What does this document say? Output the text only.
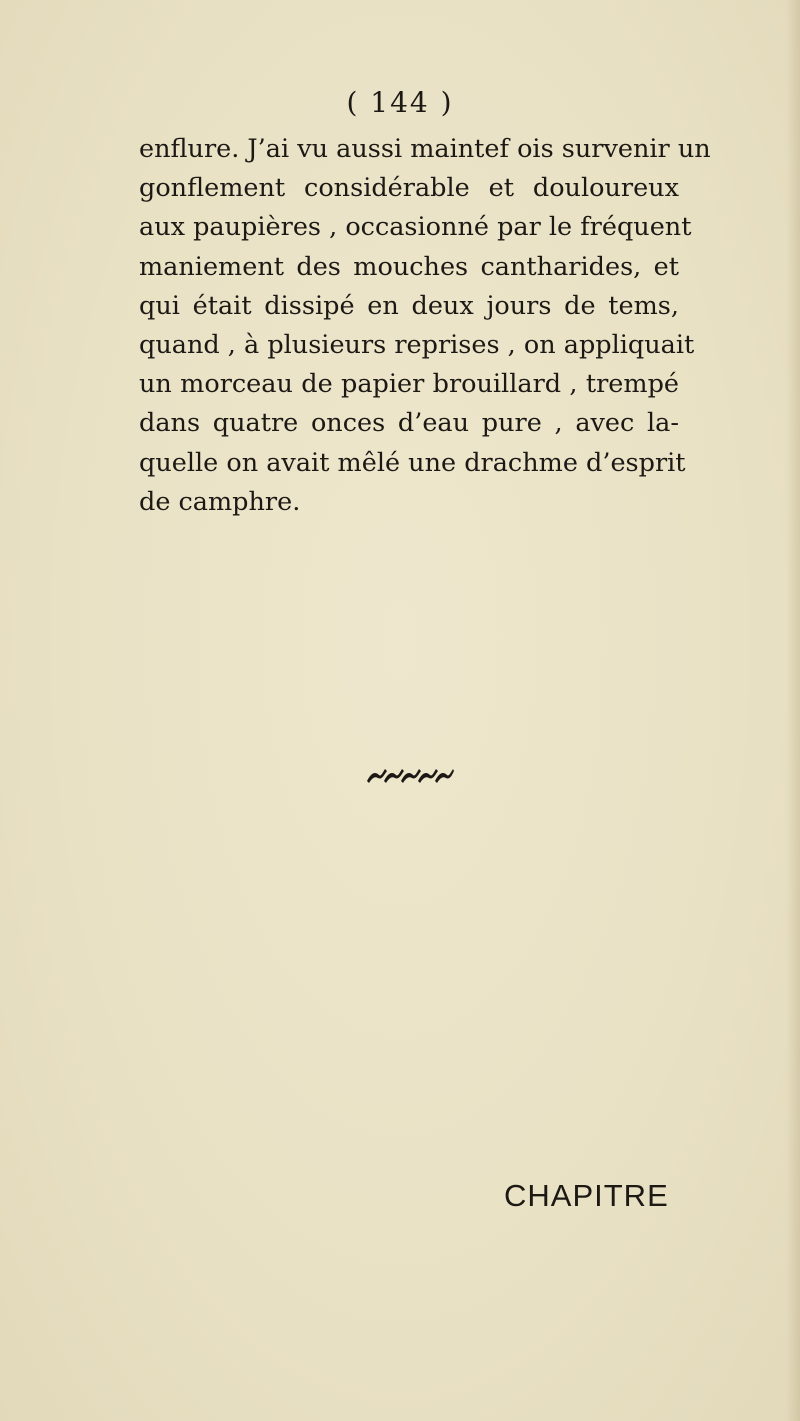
( 144 )
enflure. J’ai vu aussi maintef ois survenir un
gonflement considérable et douloureux
aux paupières , occasionné par le fréquent
maniement des mouches cantharides, et
qui était dissipé en deux jours de tems,
quand , à plusieurs reprises , on appliquait
un morceau de papier brouillard , trempé
dans quatre onces d’eau pure , avec la-
quelle on avait mêlé une drachme d’esprit
de camphre.
CHAPITRE
